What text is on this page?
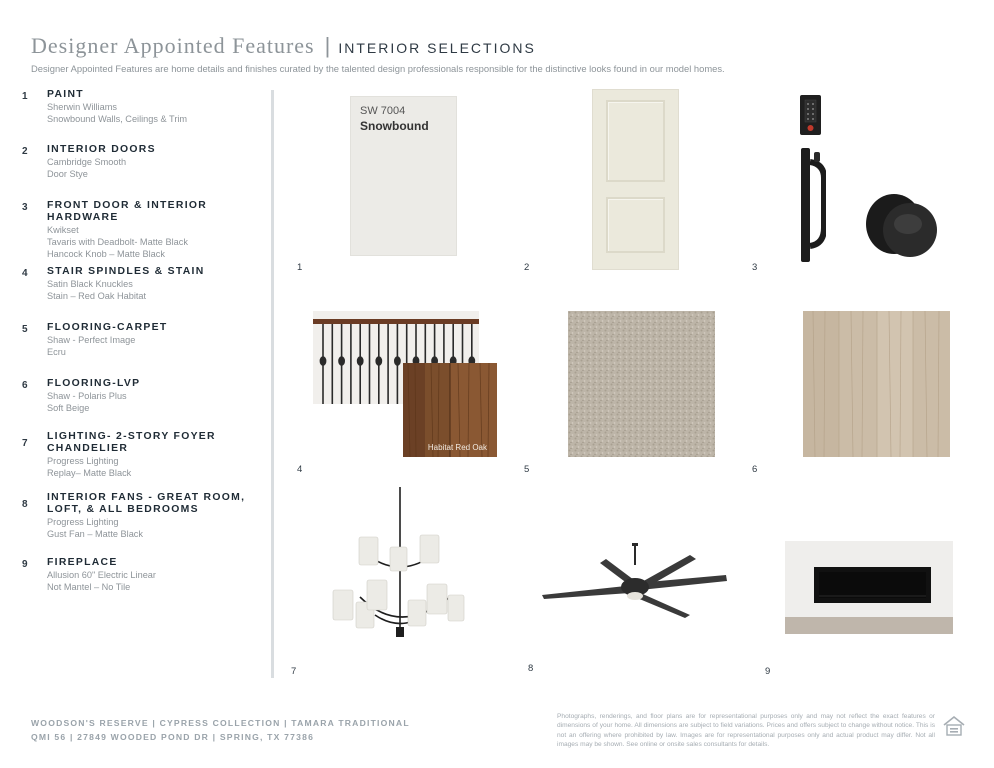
Designer Appointed Features | INTERIOR SELECTIONS
Designer Appointed Features are home details and finishes curated by the talented design professionals responsible for the distinctive looks found in our model homes.
1 PAINT
Sherwin Williams
Snowbound Walls, Ceilings & Trim
2 INTERIOR DOORS
Cambridge Smooth
Door Stye
3 FRONT DOOR & INTERIOR HARDWARE
Kwikset
Tavaris with Deadbolt- Matte Black
Hancock Knob – Matte Black
4 STAIR SPINDLES & STAIN
Satin Black Knuckles
Stain – Red Oak Habitat
5 FLOORING-CARPET
Shaw - Perfect Image
Ecru
6 FLOORING-LVP
Shaw - Polaris Plus
Soft Beige
7
LIGHTING- 2-STORY FOYER CHANDELIER
Progress Lighting
Replay– Matte Black
8
INTERIOR FANS - GREAT ROOM, LOFT, & ALL BEDROOMS
Progress Lighting
Gust Fan – Matte Black
9 FIREPLACE
Allusion 60" Electric Linear
Not Mantel – No Tile
SW 7004
Snowbound
Habitat Red Oak
1	2	3
4	5	6
7	8	9
WOODSON'S RESERVE | CYPRESS COLLECTION | TAMARA TRADITIONAL
QMI 56 | 27849 WOODED POND DR | SPRING, TX 77386
Photographs, renderings, and floor plans are for representational purposes only and may not reflect the exact features or dimensions of your home. All dimensions are subject to field variations. Prices and offers subject to change without notice. This is not an offering where prohibited by law. Images are for representational purposes only and actual product may differ. Not all images may be shown. See online or onsite sales consultants for details.
